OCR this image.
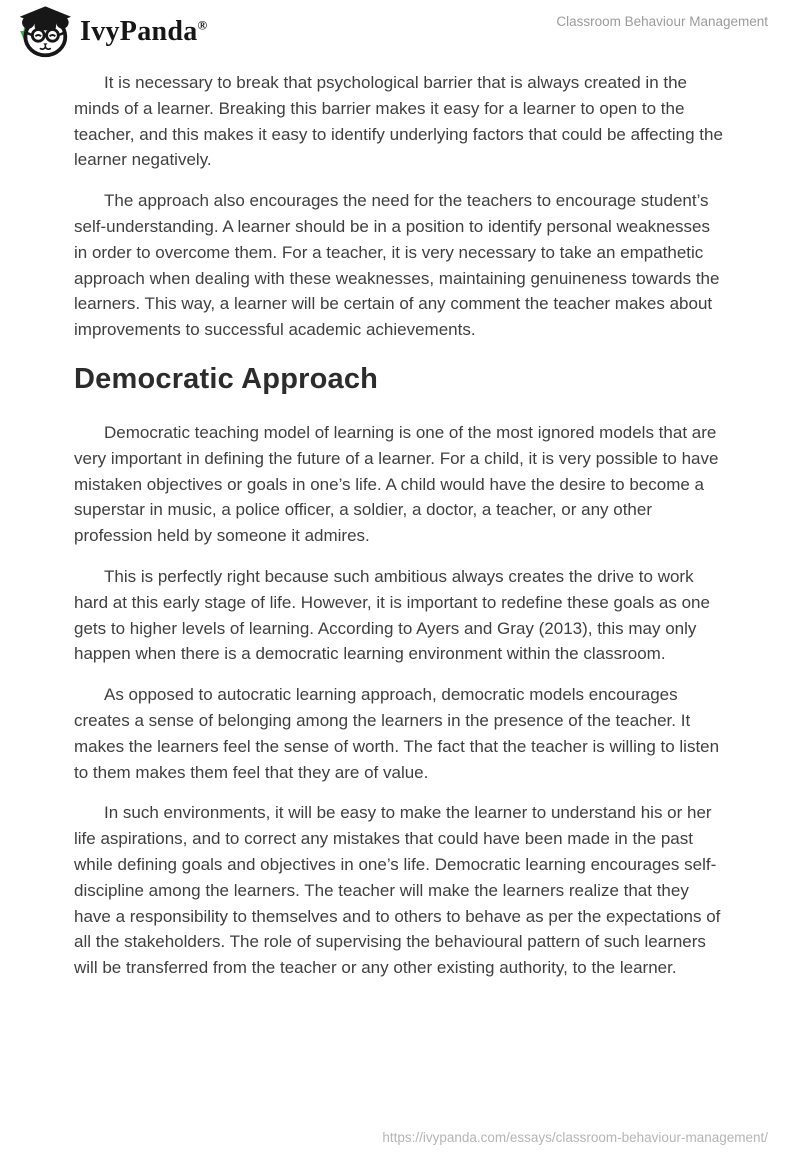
IvyPanda®	Classroom Behaviour Management

It is necessary to break that psychological barrier that is always created in the minds of a learner. Breaking this barrier makes it easy for a learner to open to the teacher, and this makes it easy to identify underlying factors that could be affecting the learner negatively.

The approach also encourages the need for the teachers to encourage student’s self-understanding. A learner should be in a position to identify personal weaknesses in order to overcome them. For a teacher, it is very necessary to take an empathetic approach when dealing with these weaknesses, maintaining genuineness towards the learners. This way, a learner will be certain of any comment the teacher makes about improvements to successful academic achievements.

Democratic Approach

Democratic teaching model of learning is one of the most ignored models that are very important in defining the future of a learner. For a child, it is very possible to have mistaken objectives or goals in one’s life. A child would have the desire to become a superstar in music, a police officer, a soldier, a doctor, a teacher, or any other profession held by someone it admires.

This is perfectly right because such ambitious always creates the drive to work hard at this early stage of life. However, it is important to redefine these goals as one gets to higher levels of learning. According to Ayers and Gray (2013), this may only happen when there is a democratic learning environment within the classroom.

As opposed to autocratic learning approach, democratic models encourages creates a sense of belonging among the learners in the presence of the teacher. It makes the learners feel the sense of worth. The fact that the teacher is willing to listen to them makes them feel that they are of value.

In such environments, it will be easy to make the learner to understand his or her life aspirations, and to correct any mistakes that could have been made in the past while defining goals and objectives in one’s life. Democratic learning encourages self-discipline among the learners. The teacher will make the learners realize that they have a responsibility to themselves and to others to behave as per the expectations of all the stakeholders. The role of supervising the behavioural pattern of such learners will be transferred from the teacher or any other existing authority, to the learner.

https://ivypanda.com/essays/classroom-behaviour-management/
